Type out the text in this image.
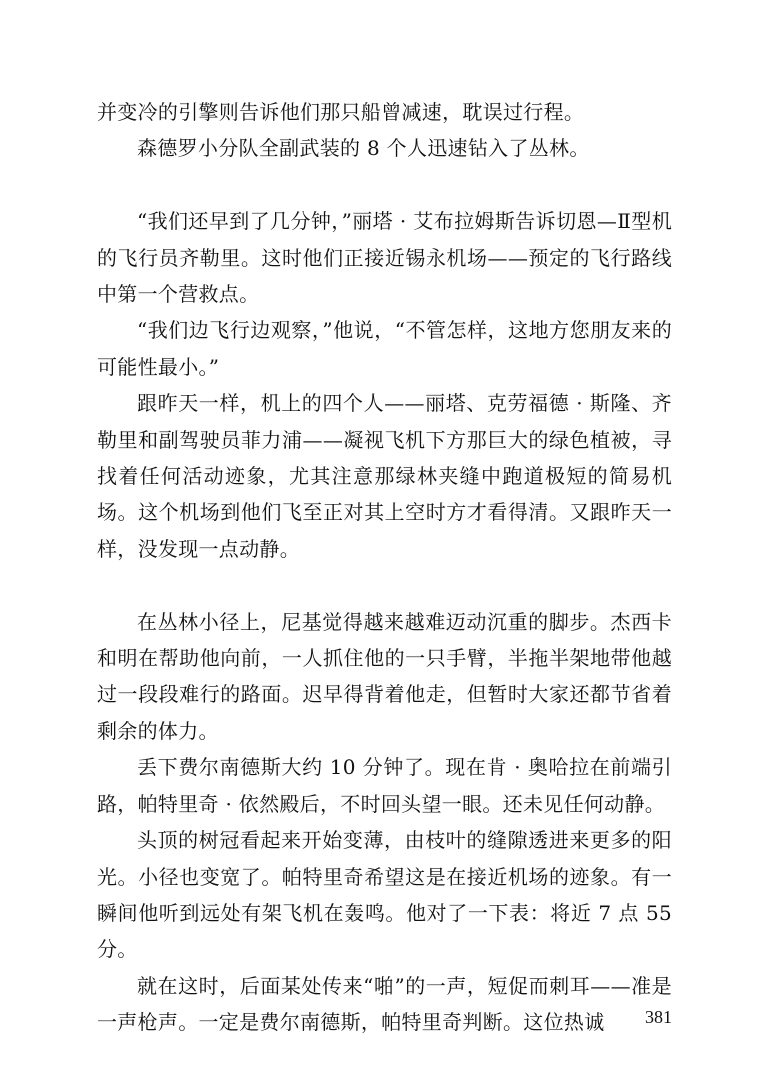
并变冷的引擎则告诉他们那只船曾减速，耽误过行程。

森德罗小分队全副武装的 8 个人迅速钻入了丛林。

“我们还早到了几分钟，”丽塔 · 艾布拉姆斯告诉切恩—Ⅱ型机的飞行员齐勒里。这时他们正接近锡永机场——预定的飞行路线中第一个营救点。

“我们边飞行边观察，”他说，“不管怎样，这地方您朋友来的可能性最小。”

跟昨天一样，机上的四个人——丽塔、克劳福德 · 斯隆、齐勒里和副驾驶员菲力浦——凝视飞机下方那巨大的绿色植被，寻找着任何活动迹象，尤其注意那绿林夹缝中跑道极短的简易机场。这个机场到他们飞至正对其上空时方才看得清。又跟昨天一样，没发现一点动静。

在丛林小径上，尼基觉得越来越难迈动沉重的脚步。杰西卡和明在帮助他向前，一人抓住他的一只手臂，半拖半架地带他越过一段段难行的路面。迟早得背着他走，但暂时大家还都节省着剩余的体力。

丢下费尔南德斯大约 10 分钟了。现在肯 · 奥哈拉在前端引路，帕特里奇 · 依然殿后，不时回头望一眼。还未见任何动静。

头顶的树冠看起来开始变薄，由枝叶的缝隙透进来更多的阳光。小径也变宽了。帕特里奇希望这是在接近机场的迹象。有一瞬间他听到远处有架飞机在轰鸣。他对了一下表：将近 7 点 55 分。

就在这时，后面某处传来“啪”的一声，短促而刺耳——准是一声枪声。一定是费尔南德斯，帕特里奇判断。这位热诚	381
